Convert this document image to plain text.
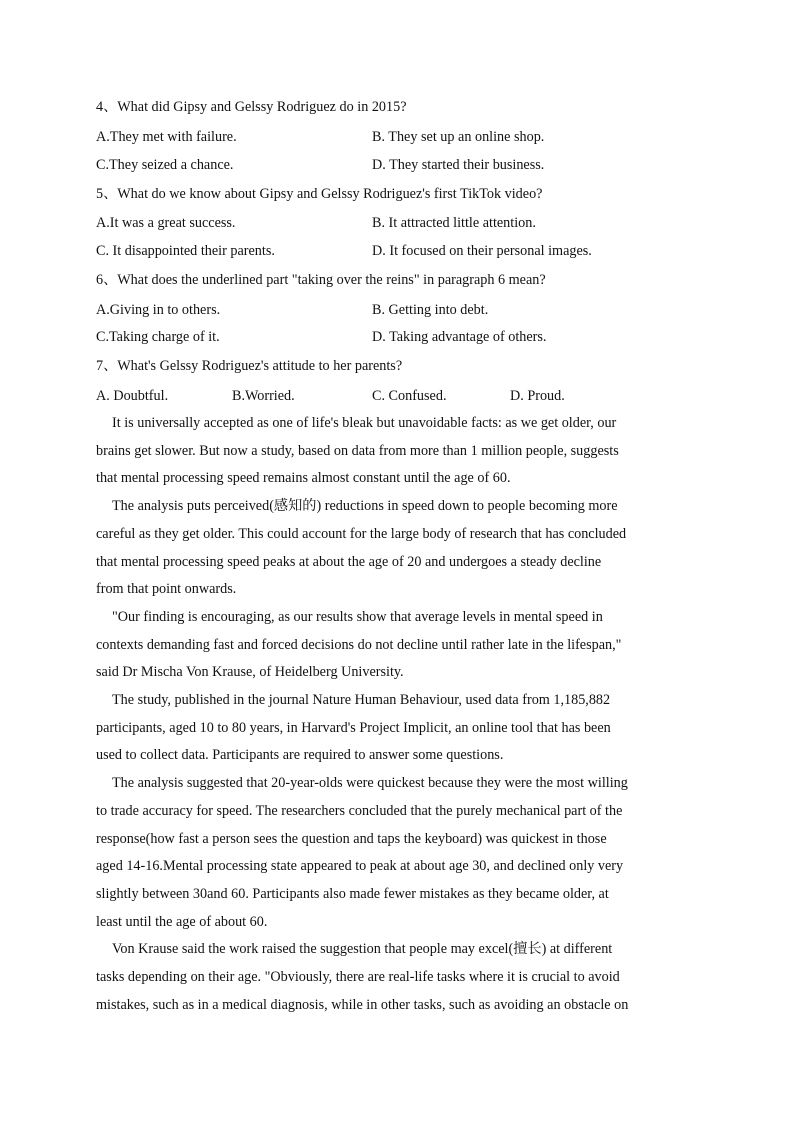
4、What did Gipsy and Gelssy Rodriguez do in 2015?
A.They met with failure.	B. They set up an online shop.
C.They seized a chance.	D. They started their business.
5、What do we know about Gipsy and Gelssy Rodriguez's first TikTok video?
A.It was a great success.	B. It attracted little attention.
C. It disappointed their parents.	D. It focused on their personal images.
6、What does the underlined part "taking over the reins" in paragraph 6 mean?
A.Giving in to others.	B. Getting into debt.
C.Taking charge of it.	D. Taking advantage of others.
7、What's Gelssy Rodriguez's attitude to her parents?
A. Doubtful.	B.Worried.	C. Confused.	D. Proud.

It is universally accepted as one of life's bleak but unavoidable facts: as we get older, our

brains get slower. But now a study, based on data from more than 1 million people, suggests

that mental processing speed remains almost constant until the age of 60.

The analysis puts perceived(感知的) reductions in speed down to people becoming more

careful as they get older. This could account for the large body of research that has concluded

that mental processing speed peaks at about the age of 20 and undergoes a steady decline

from that point onwards.

"Our finding is encouraging, as our results show that average levels in mental speed in

contexts demanding fast and forced decisions do not decline until rather late in the lifespan,"

said Dr Mischa Von Krause, of Heidelberg University.

The study, published in the journal Nature Human Behaviour, used data from 1,185,882

participants, aged 10 to 80 years, in Harvard's Project Implicit, an online tool that has been

used to collect data. Participants are required to answer some questions.

The analysis suggested that 20-year-olds were quickest because they were the most willing

to trade accuracy for speed. The researchers concluded that the purely mechanical part of the

response(how fast a person sees the question and taps the keyboard) was quickest in those

aged 14-16.Mental processing state appeared to peak at about age 30, and declined only very

slightly between 30and 60. Participants also made fewer mistakes as they became older, at

least until the age of about 60.

Von Krause said the work raised the suggestion that people may excel(擅长) at different

tasks depending on their age. "Obviously, there are real-life tasks where it is crucial to avoid

mistakes, such as in a medical diagnosis, while in other tasks, such as avoiding an obstacle on
